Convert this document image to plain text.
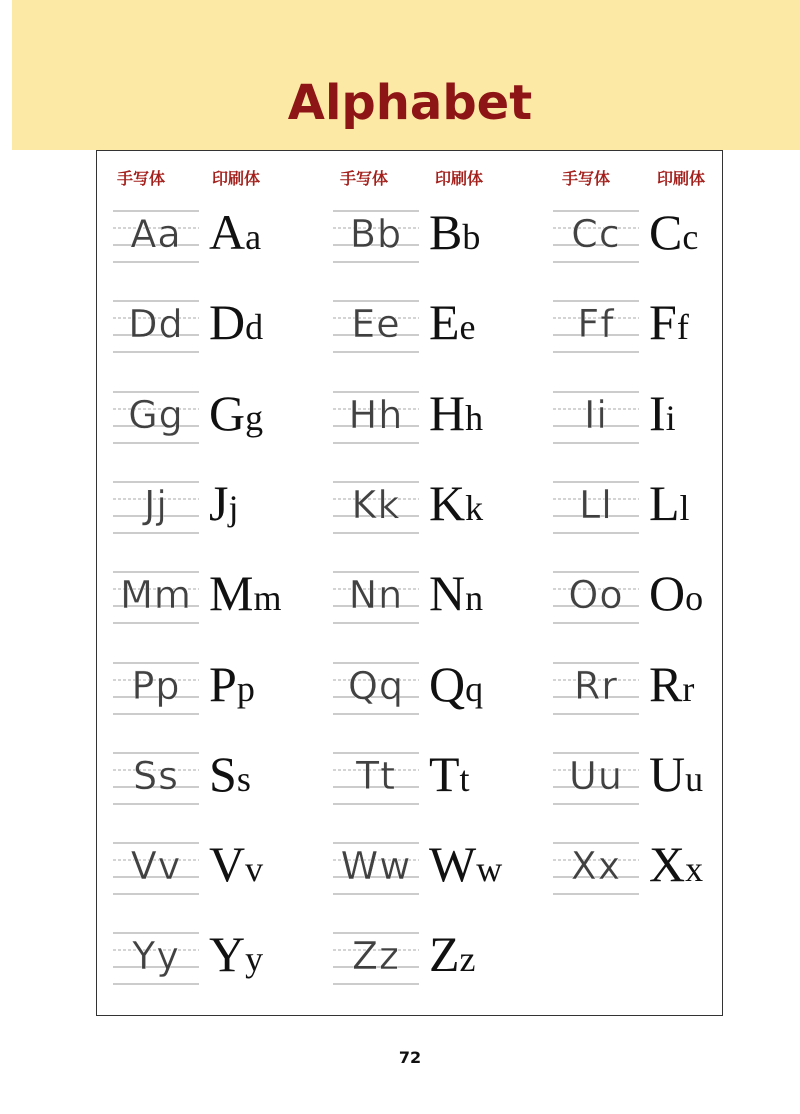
Alphabet
手写体	印刷体	手写体	印刷体	手写体	印刷体
Aa Aa	Bb Bb	Cc Cc
Dd Dd	Ee Ee	Ff Ff
Gg Gg	Hh Hh	Ii Ii
Jj Jj	Kk Kk	Ll Ll
Mm Mm	Nn Nn	Oo Oo
Pp Pp	Qq Qq	Rr Rr
Ss Ss	Tt Tt	Uu Uu
Vv Vv	Ww Ww	Xx Xx
Yy Yy	Zz Zz
72
